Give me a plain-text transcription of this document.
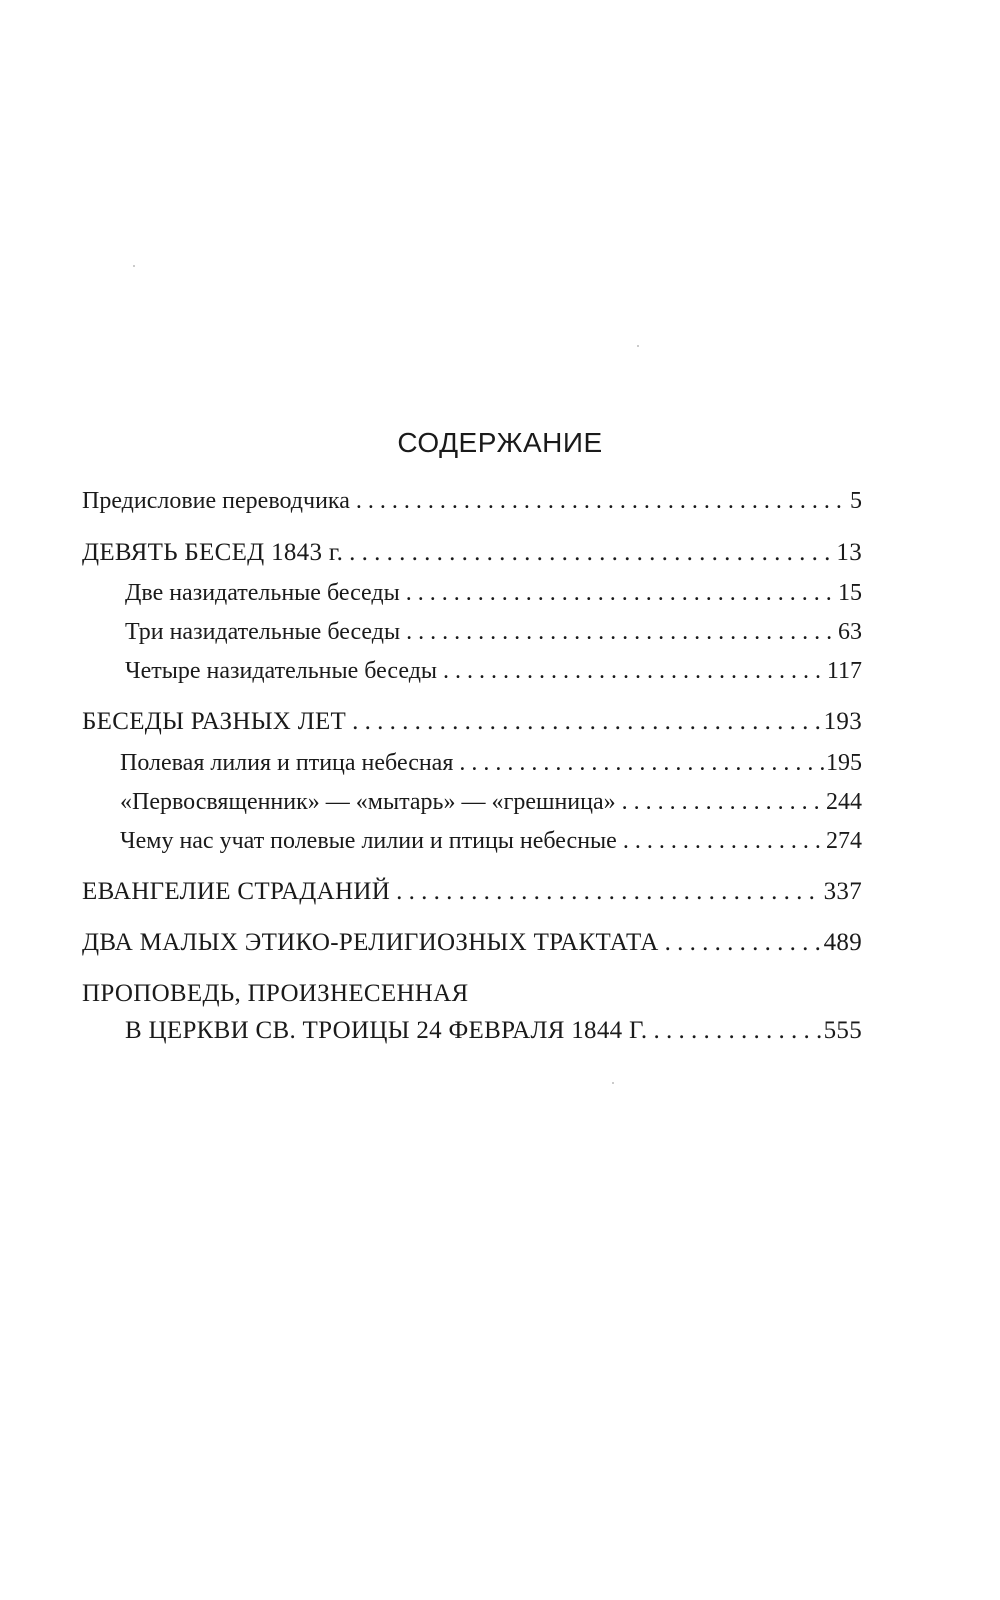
СОДЕРЖАНИЕ
Предисловие переводчика . . .	5
ДЕВЯТЬ БЕСЕД 1843 г. . . .	13
Две назидательные беседы . . .	15
Три назидательные беседы . . .	63
Четыре назидательные беседы . . .	117
БЕСЕДЫ РАЗНЫХ ЛЕТ . . .	193
Полевая лилия и птица небесная . . .	195
«Первосвященник» — «мытарь» — «грешница» . . .	244
Чему нас учат полевые лилии и птицы небесные . . .	274
ЕВАНГЕЛИЕ СТРАДАНИЙ . . .	337
ДВА МАЛЫХ ЭТИКО-РЕЛИГИОЗНЫХ ТРАКТАТА . . .	489
ПРОПОВЕДЬ, ПРОИЗНЕСЕННАЯ
В ЦЕРКВИ СВ. ТРОИЦЫ 24 ФЕВРАЛЯ 1844 Г. . . .	555
